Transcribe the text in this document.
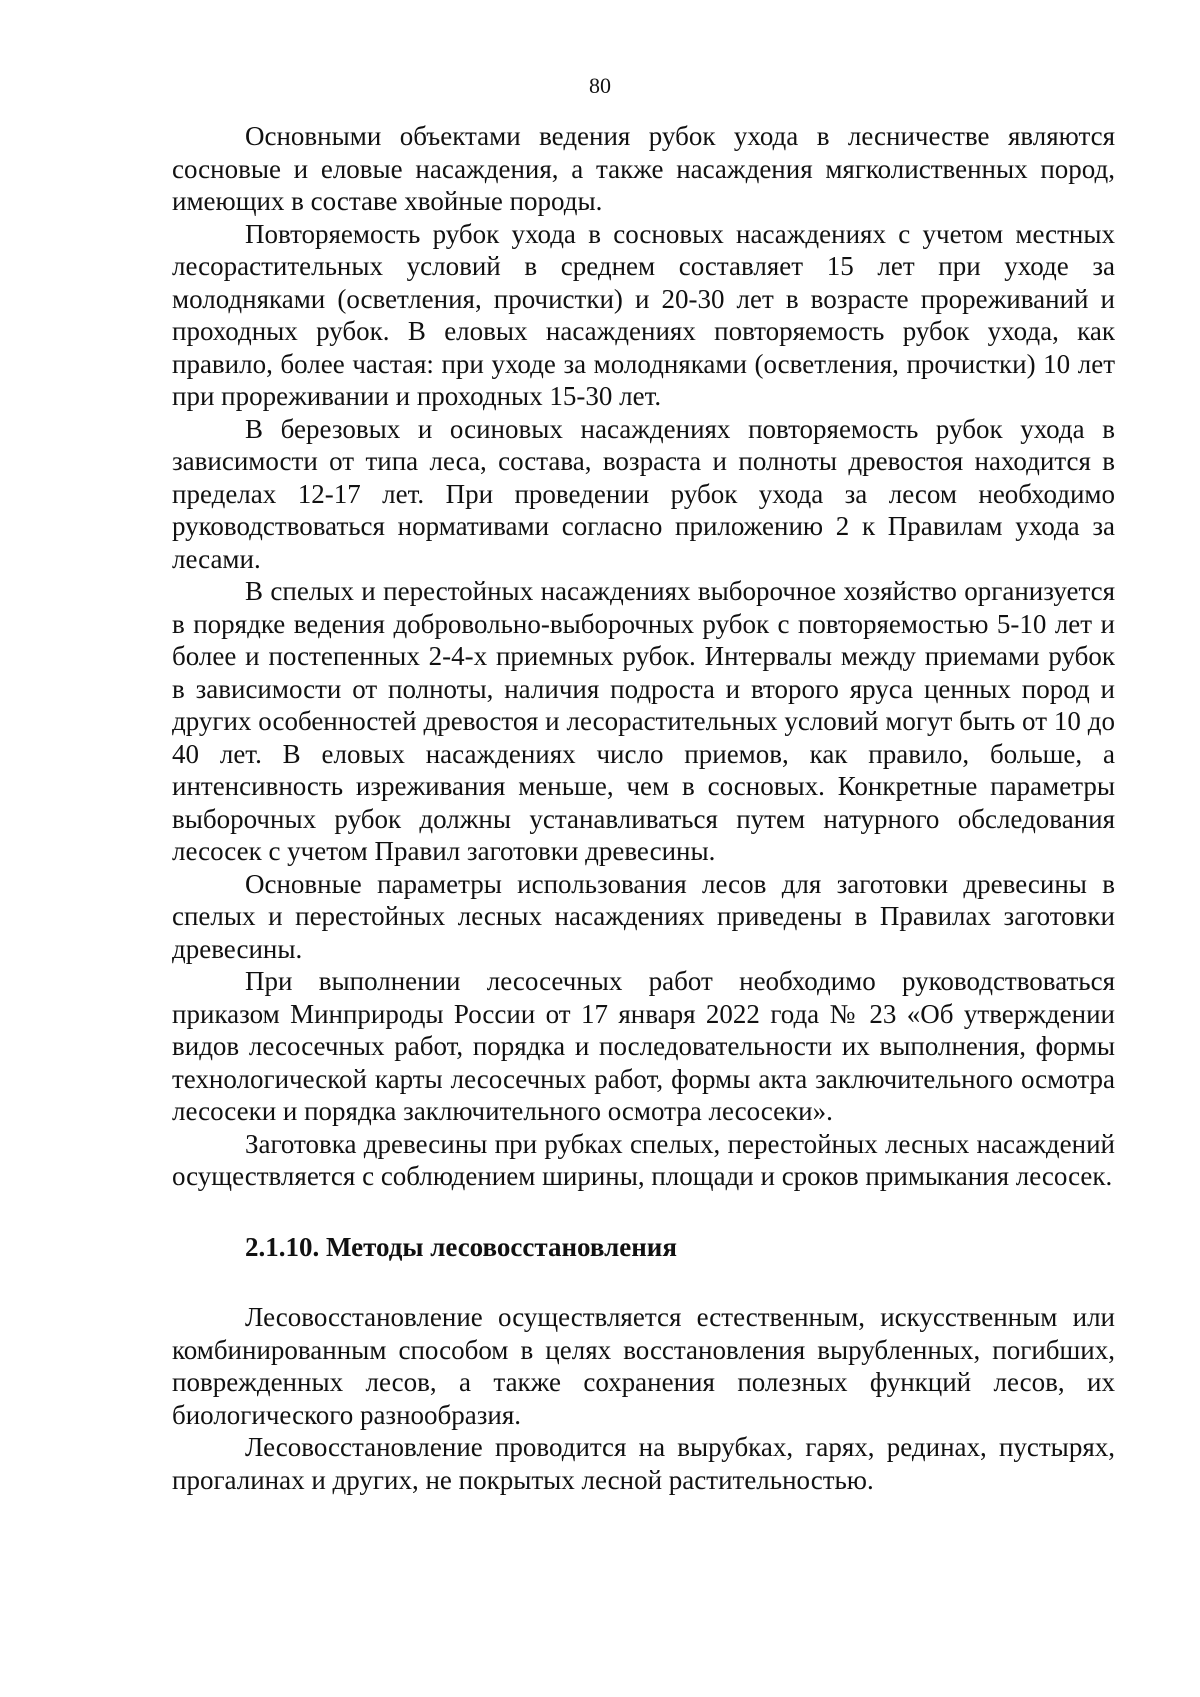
80

Основными объектами ведения рубок ухода в лесничестве являются сосновые и еловые насаждения, а также насаждения мягколиственных пород, имеющих в составе хвойные породы.

Повторяемость рубок ухода в сосновых насаждениях с учетом местных лесорастительных условий в среднем составляет 15 лет при уходе за молодняками (осветления, прочистки) и 20-30 лет в возрасте прореживаний и проходных рубок. В еловых насаждениях повторяемость рубок ухода, как правило, более частая: при уходе за молодняками (осветления, прочистки) 10 лет при прореживании и проходных 15-30 лет.

В березовых и осиновых насаждениях повторяемость рубок ухода в зависимости от типа леса, состава, возраста и полноты древостоя находится в пределах 12-17 лет. При проведении рубок ухода за лесом необходимо руководствоваться нормативами согласно приложению 2 к Правилам ухода за лесами.

В спелых и перестойных насаждениях выборочное хозяйство организуется в порядке ведения добровольно-выборочных рубок с повторяемостью 5-10 лет и более и постепенных 2-4-х приемных рубок. Интервалы между приемами рубок в зависимости от полноты, наличия подроста и второго яруса ценных пород и других особенностей древостоя и лесорастительных условий могут быть от 10 до 40 лет. В еловых насаждениях число приемов, как правило, больше, а интенсивность изреживания меньше, чем в сосновых. Конкретные параметры выборочных рубок должны устанавливаться путем натурного обследования лесосек с учетом Правил заготовки древесины.

Основные параметры использования лесов для заготовки древесины в спелых и перестойных лесных насаждениях приведены в Правилах заготовки древесины.

При выполнении лесосечных работ необходимо руководствоваться приказом Минприроды России от 17 января 2022 года № 23 «Об утверждении видов лесосечных работ, порядка и последовательности их выполнения, формы технологической карты лесосечных работ, формы акта заключительного осмотра лесосеки и порядка заключительного осмотра лесосеки».

Заготовка древесины при рубках спелых, перестойных лесных насаждений осуществляется с соблюдением ширины, площади и сроков примыкания лесосек.

2.1.10. Методы лесовосстановления

Лесовосстановление осуществляется естественным, искусственным или комбинированным способом в целях восстановления вырубленных, погибших, поврежденных лесов, а также сохранения полезных функций лесов, их биологического разнообразия.

Лесовосстановление проводится на вырубках, гарях, рединах, пустырях, прогалинах и других, не покрытых лесной растительностью.
